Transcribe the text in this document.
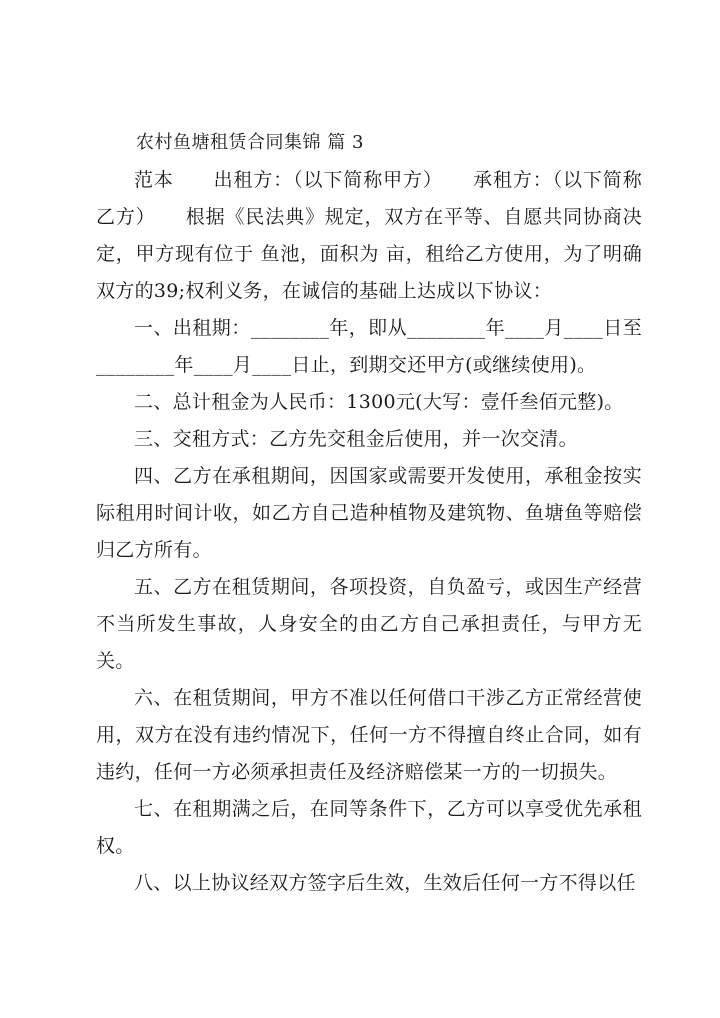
农村鱼塘租赁合同集锦 篇 3

范本　　出租方：（以下简称甲方）　　承租方：（以下简称乙方）　　根据《民法典》规定，双方在平等、自愿共同协商决定，甲方现有位于 鱼池，面积为 亩，租给乙方使用，为了明确双方的39;权利义务，在诚信的基础上达成以下协议：

一、出租期：________年，即从________年____月____日至________年____月____日止，到期交还甲方(或继续使用)。

二、总计租金为人民币：1300元(大写：壹仟叁佰元整)。

三、交租方式：乙方先交租金后使用，并一次交清。

四、乙方在承租期间，因国家或需要开发使用，承租金按实际租用时间计收，如乙方自己造种植物及建筑物、鱼塘鱼等赔偿归乙方所有。

五、乙方在租赁期间，各项投资，自负盈亏，或因生产经营不当所发生事故，人身安全的由乙方自己承担责任，与甲方无关。

六、在租赁期间，甲方不准以任何借口干涉乙方正常经营使用，双方在没有违约情况下，任何一方不得擅自终止合同，如有违约，任何一方必须承担责任及经济赔偿某一方的一切损失。

七、在租期满之后，在同等条件下，乙方可以享受优先承租权。

八、以上协议经双方签字后生效，生效后任何一方不得以任
